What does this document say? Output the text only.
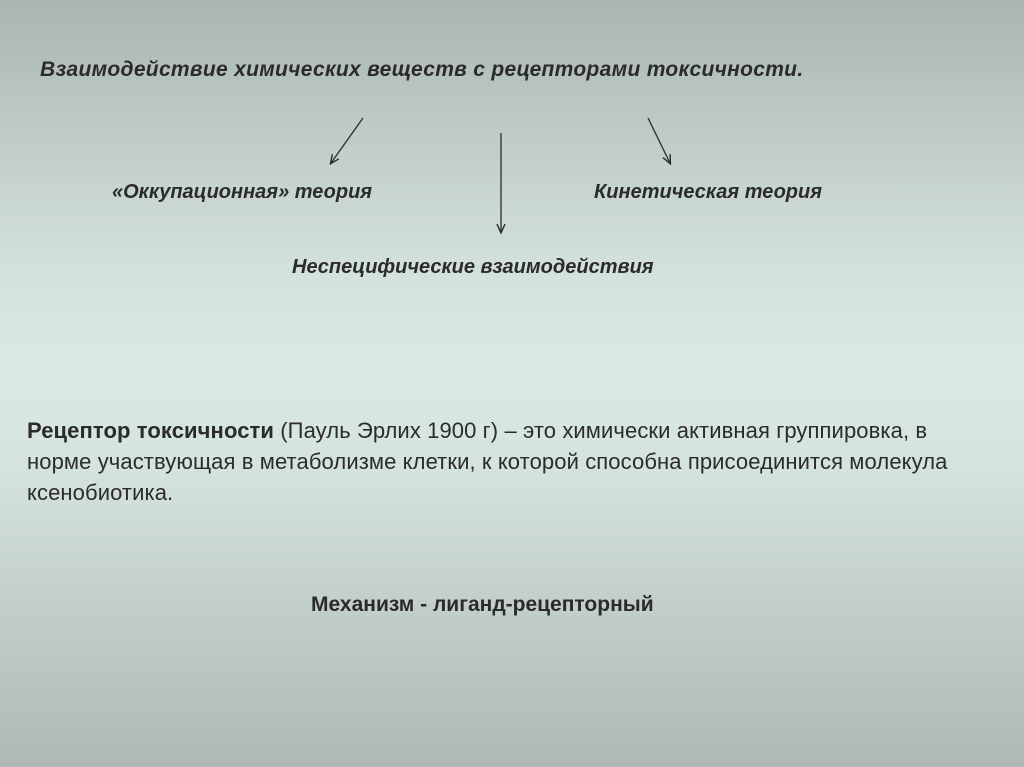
Взаимодействие химических веществ с рецепторами токсичности.
«Оккупационная» теория	Кинетическая теория
Неспецифические взаимодействия
Рецептор токсичности (Пауль Эрлих 1900 г) – это химически активная группировка, в норме участвующая в метаболизме клетки, к которой способна присоединится молекула ксенобиотика.
Механизм - лиганд-рецепторный
